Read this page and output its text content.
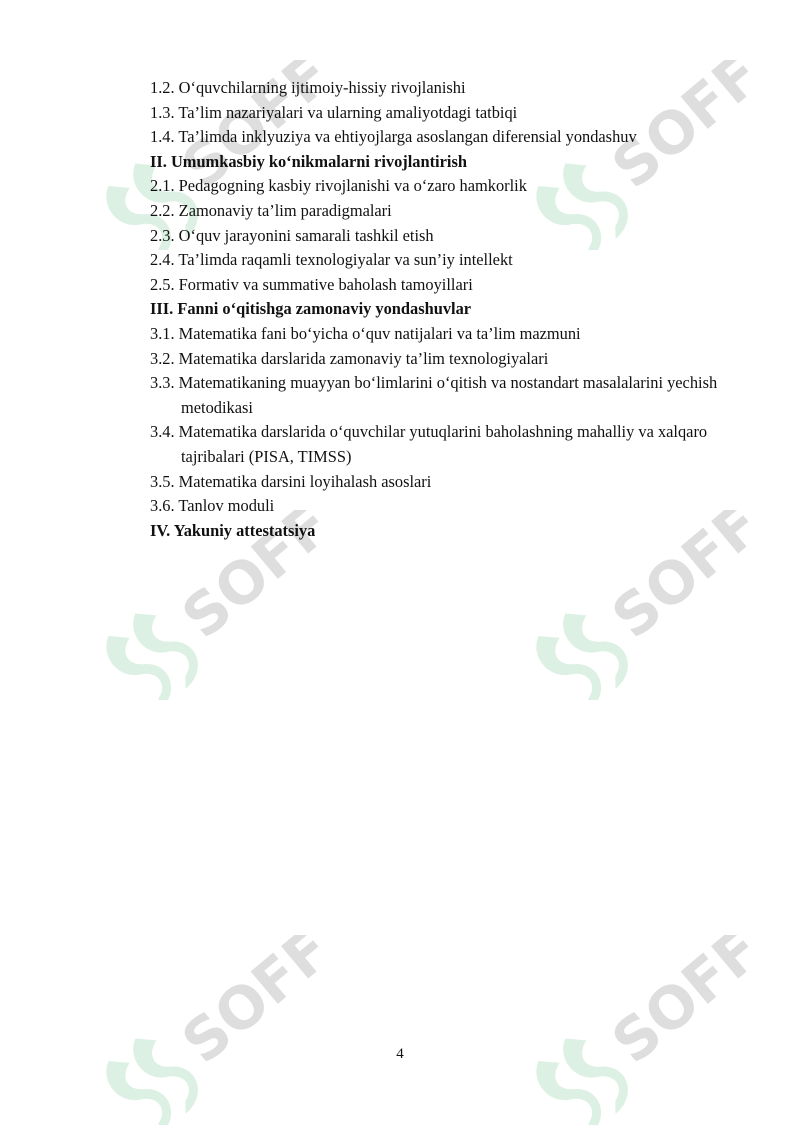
1.2. O‘quvchilarning ijtimoiy-hissiy rivojlanishi
1.3. Ta’lim nazariyalari va ularning amaliyotdagi tatbiqi
1.4. Ta’limda inklyuziya va ehtiyojlarga asoslangan diferensial yondashuv
II. Umumkasbiy ko‘nikmalarni rivojlantirish
2.1. Pedagogning kasbiy rivojlanishi va o‘zaro hamkorlik
2.2. Zamonaviy ta’lim paradigmalari
2.3. O‘quv jarayonini samarali tashkil etish
2.4. Ta’limda raqamli texnologiyalar va sun’iy intellekt
2.5. Formativ va summative baholash tamoyillari
III. Fanni o‘qitishga zamonaviy yondashuvlar
3.1. Matematika fani bo‘yicha o‘quv natijalari va ta’lim mazmuni
3.2. Matematika darslarida zamonaviy ta’lim texnologiyalari
3.3. Matematikaning muayyan bo‘limlarini o‘qitish va nostandart masalalarini yechish metodikasi
3.4. Matematika darslarida o‘quvchilar yutuqlarini baholashning mahalliy va xalqaro tajribalari (PISA, TIMSS)
3.5. Matematika darsini loyihalash asoslari
3.6. Tanlov moduli
IV. Yakuniy attestatsiya
4
